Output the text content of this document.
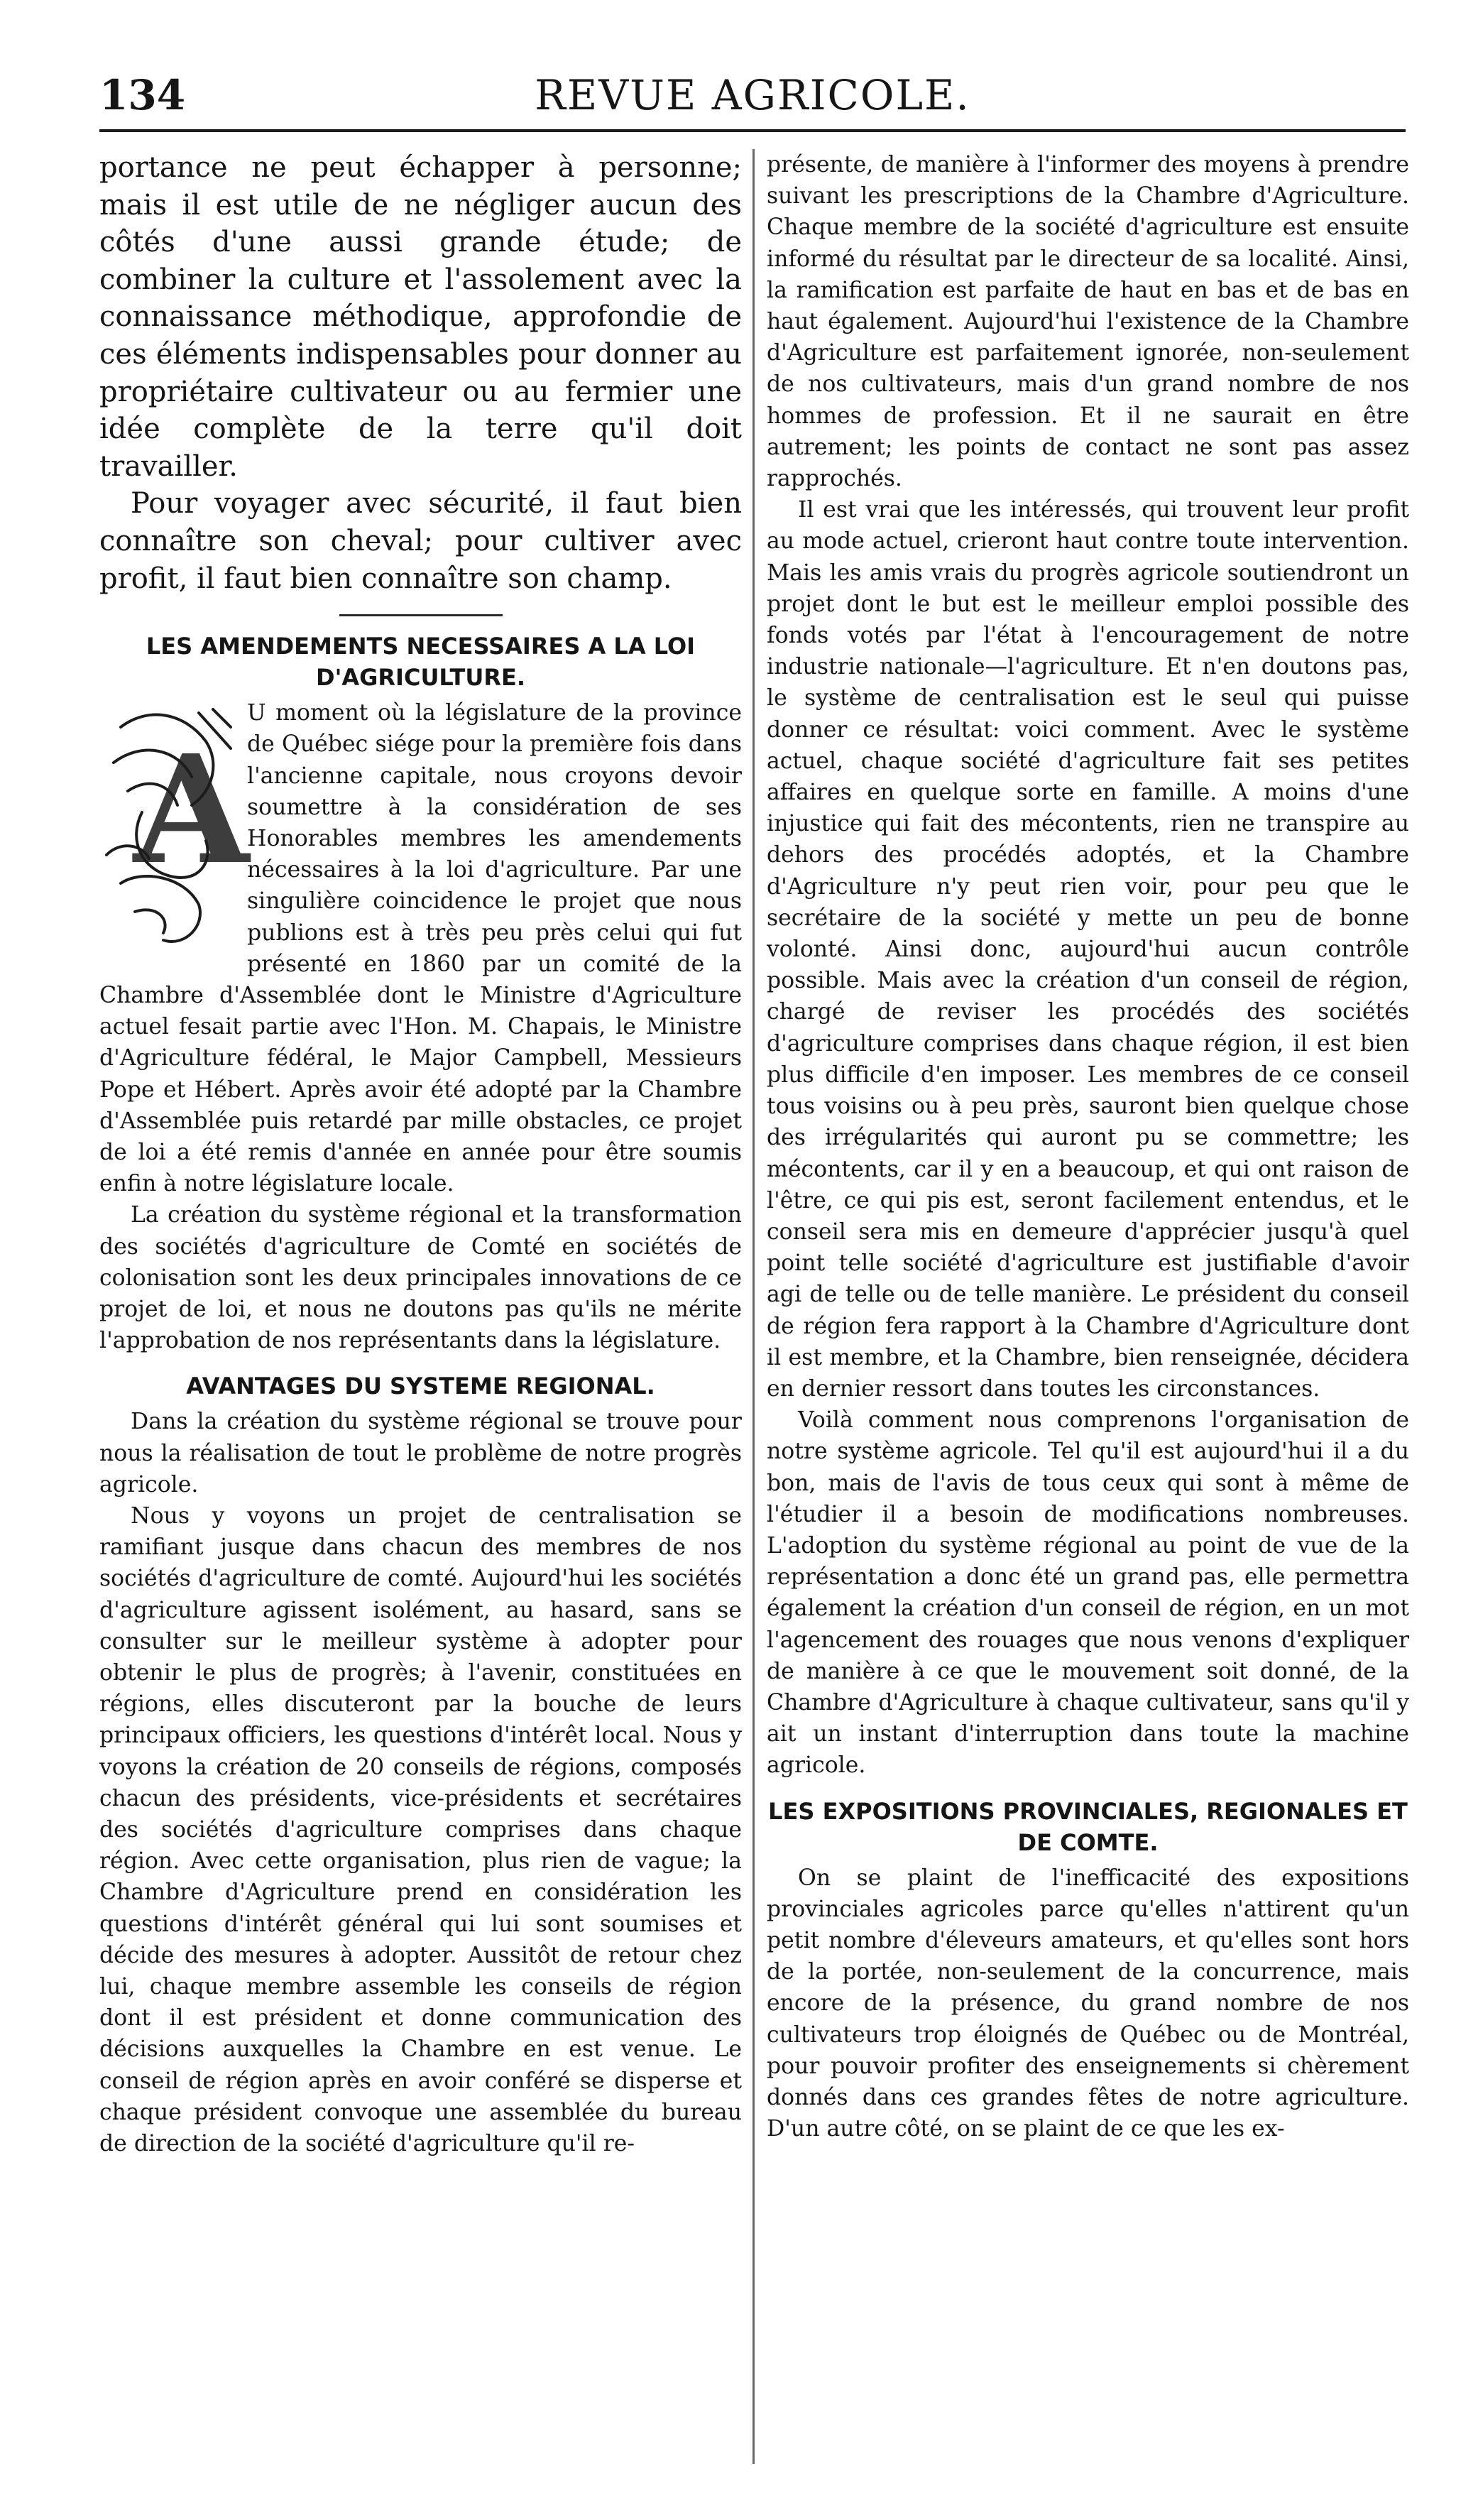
134	REVUE AGRICOLE.

portance ne peut échapper à personne; mais il est utile de ne négliger aucun des côtés d'une aussi grande étude; de combiner la culture et l'assolement avec la connaissance méthodique, approfondie de ces éléments indispensables pour donner au propriétaire cultivateur ou au fermier une idée complète de la terre qu'il doit travailler.

Pour voyager avec sécurité, il faut bien connaître son cheval; pour cultiver avec profit, il faut bien connaître son champ.

LES AMENDEMENTS NECESSAIRES A LA LOI D'AGRICULTURE.

A
U moment où la législature de la province de Québec siége pour la première fois dans l'ancienne capitale, nous croyons devoir soumettre à la considération de ses Honorables membres les amendements nécessaires à la loi d'agriculture. Par une singulière coincidence le projet que nous publions est à très peu près celui qui fut présenté en 1860 par un comité de la Chambre d'Assemblée dont le Ministre d'Agriculture actuel fesait partie avec l'Hon. M. Chapais, le Ministre d'Agriculture fédéral, le Major Campbell, Messieurs Pope et Hébert. Après avoir été adopté par la Chambre d'Assemblée puis retardé par mille obstacles, ce projet de loi a été remis d'année en année pour être soumis enfin à notre législature locale.

La création du système régional et la transformation des sociétés d'agriculture de Comté en sociétés de colonisation sont les deux principales innovations de ce projet de loi, et nous ne doutons pas qu'ils ne mérite l'approbation de nos représentants dans la législature.

AVANTAGES DU SYSTEME REGIONAL.

Dans la création du système régional se trouve pour nous la réalisation de tout le problème de notre progrès agricole.

Nous y voyons un projet de centralisation se ramifiant jusque dans chacun des membres de nos sociétés d'agriculture de comté. Aujourd'hui les sociétés d'agriculture agissent isolément, au hasard, sans se consulter sur le meilleur système à adopter pour obtenir le plus de progrès; à l'avenir, constituées en régions, elles discuteront par la bouche de leurs principaux officiers, les questions d'intérêt local. Nous y voyons la création de 20 conseils de régions, composés chacun des présidents, vice-présidents et secrétaires des sociétés d'agriculture comprises dans chaque région. Avec cette organisation, plus rien de vague; la Chambre d'Agriculture prend en considération les questions d'intérêt général qui lui sont soumises et décide des mesures à adopter. Aussitôt de retour chez lui, chaque membre assemble les conseils de région dont il est président et donne communication des décisions auxquelles la Chambre en est venue. Le conseil de région après en avoir conféré se disperse et chaque président convoque une assemblée du bureau de direction de la société d'agriculture qu'il re-

présente, de manière à l'informer des moyens à prendre suivant les prescriptions de la Chambre d'Agriculture. Chaque membre de la société d'agriculture est ensuite informé du résultat par le directeur de sa localité. Ainsi, la ramification est parfaite de haut en bas et de bas en haut également. Aujourd'hui l'existence de la Chambre d'Agriculture est parfaitement ignorée, non-seulement de nos cultivateurs, mais d'un grand nombre de nos hommes de profession. Et il ne saurait en être autrement; les points de contact ne sont pas assez rapprochés.

Il est vrai que les intéressés, qui trouvent leur profit au mode actuel, crieront haut contre toute intervention. Mais les amis vrais du progrès agricole soutiendront un projet dont le but est le meilleur emploi possible des fonds votés par l'état à l'encouragement de notre industrie nationale—l'agriculture. Et n'en doutons pas, le système de centralisation est le seul qui puisse donner ce résultat: voici comment. Avec le système actuel, chaque société d'agriculture fait ses petites affaires en quelque sorte en famille. A moins d'une injustice qui fait des mécontents, rien ne transpire au dehors des procédés adoptés, et la Chambre d'Agriculture n'y peut rien voir, pour peu que le secrétaire de la société y mette un peu de bonne volonté. Ainsi donc, aujourd'hui aucun contrôle possible. Mais avec la création d'un conseil de région, chargé de reviser les procédés des sociétés d'agriculture comprises dans chaque région, il est bien plus difficile d'en imposer. Les membres de ce conseil tous voisins ou à peu près, sauront bien quelque chose des irrégularités qui auront pu se commettre; les mécontents, car il y en a beaucoup, et qui ont raison de l'être, ce qui pis est, seront facilement entendus, et le conseil sera mis en demeure d'apprécier jusqu'à quel point telle société d'agriculture est justifiable d'avoir agi de telle ou de telle manière. Le président du conseil de région fera rapport à la Chambre d'Agriculture dont il est membre, et la Chambre, bien renseignée, décidera en dernier ressort dans toutes les circonstances.

Voilà comment nous comprenons l'organisation de notre système agricole. Tel qu'il est aujourd'hui il a du bon, mais de l'avis de tous ceux qui sont à même de l'étudier il a besoin de modifications nombreuses. L'adoption du système régional au point de vue de la représentation a donc été un grand pas, elle permettra également la création d'un conseil de région, en un mot l'agencement des rouages que nous venons d'expliquer de manière à ce que le mouvement soit donné, de la Chambre d'Agriculture à chaque cultivateur, sans qu'il y ait un instant d'interruption dans toute la machine agricole.

LES EXPOSITIONS PROVINCIALES, REGIONALES ET DE COMTE.

On se plaint de l'inefficacité des expositions provinciales agricoles parce qu'elles n'attirent qu'un petit nombre d'éleveurs amateurs, et qu'elles sont hors de la portée, non-seulement de la concurrence, mais encore de la présence, du grand nombre de nos cultivateurs trop éloignés de Québec ou de Montréal, pour pouvoir profiter des enseignements si chèrement donnés dans ces grandes fêtes de notre agriculture. D'un autre côté, on se plaint de ce que les ex-
